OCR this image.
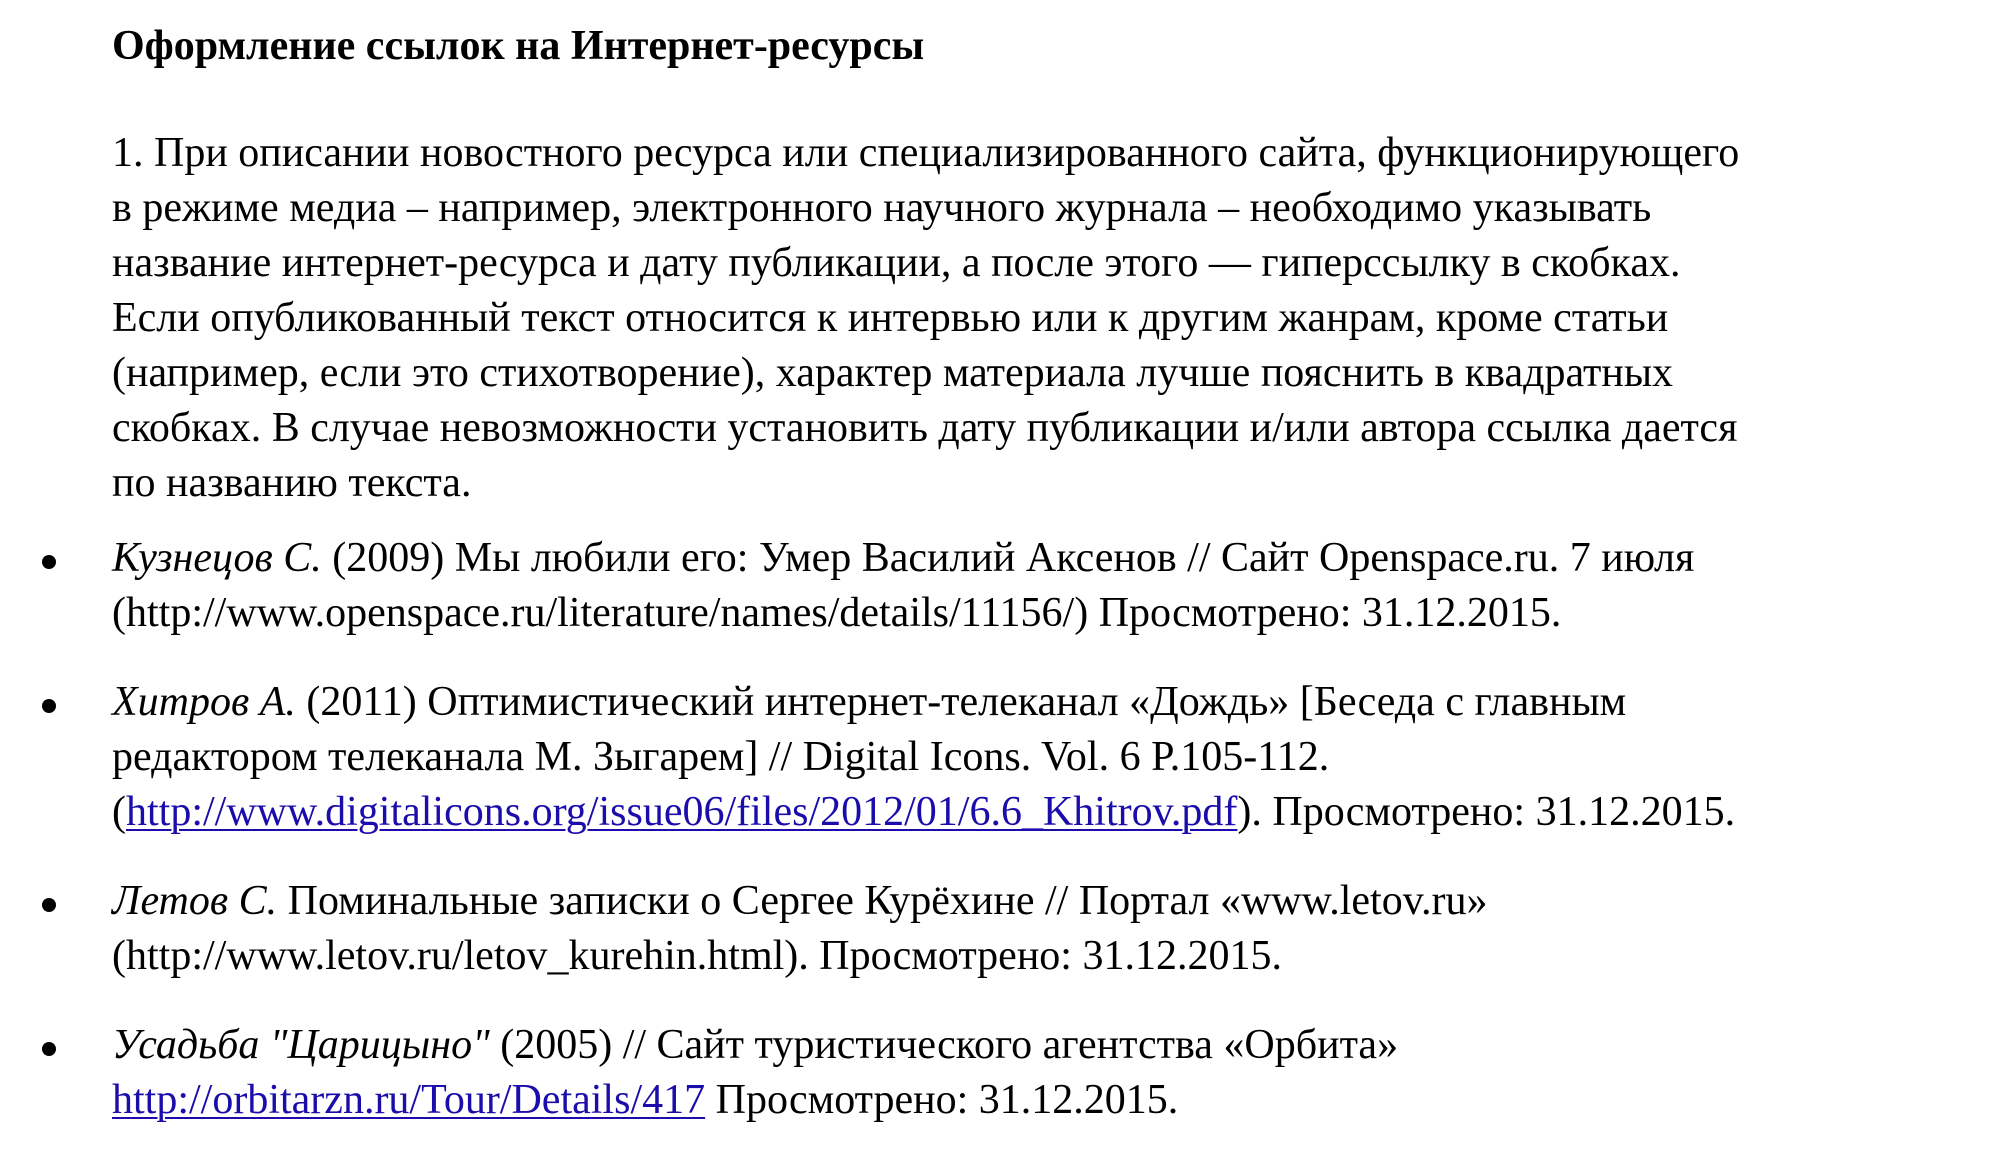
Оформление ссылок на Интернет-ресурсы
1. При описании новостного ресурса или специализированного сайта, функционирующего
в режиме медиа – например, электронного научного журнала – необходимо указывать
название интернет-ресурса и дату публикации, а после этого — гиперссылку в скобках.
Если опубликованный текст относится к интервью или к другим жанрам, кроме статьи
(например, если это стихотворение), характер материала лучше пояснить в квадратных
скобках. В случае невозможности установить дату публикации и/или автора ссылка дается
по названию текста.
Кузнецов С. (2009) Мы любили его: Умер Василий Аксенов // Сайт Openspace.ru. 7 июля
(http://www.openspace.ru/literature/names/details/11156/) Просмотрено: 31.12.2015.
Хитров А. (2011) Оптимистический интернет-телеканал «Дождь» [Беседа с главным
редактором телеканала М. Зыгарем] // Digital Icons. Vol. 6 P.105-112.
(http://www.digitalicons.org/issue06/files/2012/01/6.6_Khitrov.pdf). Просмотрено: 31.12.2015.
Летов С. Поминальные записки о Сергее Курёхине // Портал «www.letov.ru»
(http://www.letov.ru/letov_kurehin.html). Просмотрено: 31.12.2015.
Усадьба "Царицыно" (2005) // Сайт туристического агентства «Орбита»
http://orbitarzn.ru/Tour/Details/417 Просмотрено: 31.12.2015.
